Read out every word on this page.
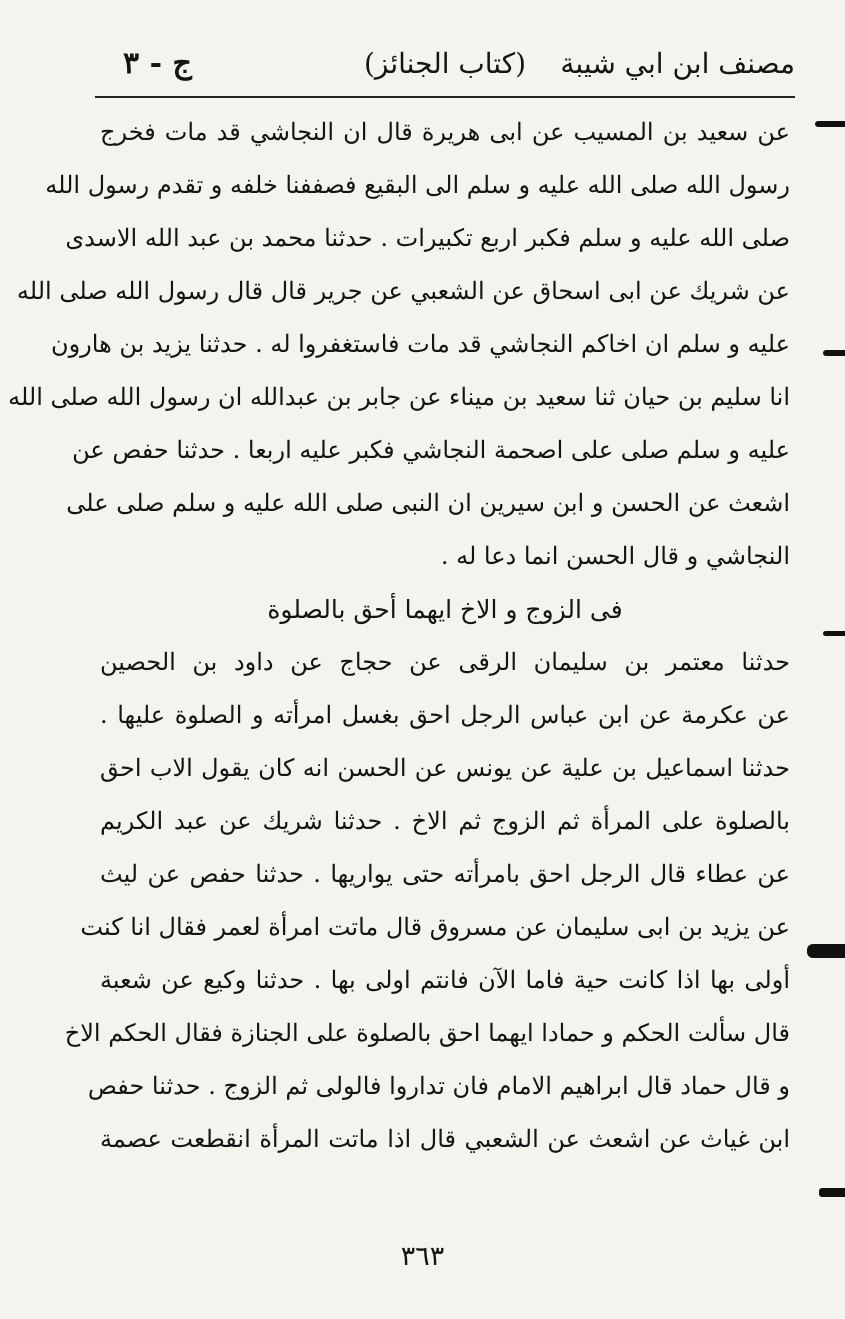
مصنف ابن ابي شيبة
(كتاب الجنائز)
ج - ٣
عن سعيد بن المسيب عن ابى هريرة قال ان النجاشي قد مات فخرج
رسول الله صلى الله عليه و سلم الى البقيع فصففنا خلفه و تقدم رسول الله
صلى الله عليه و سلم فكبر اربع تكبيرات . حدثنا محمد بن عبد الله الاسدى
عن شريك عن ابى اسحاق عن الشعبي عن جرير قال قال رسول الله صلى الله
عليه و سلم ان اخاكم النجاشي قد مات فاستغفروا له . حدثنا يزيد بن هارون
انا سليم بن حيان ثنا سعيد بن ميناء عن جابر بن عبدالله ان رسول الله صلى الله
عليه و سلم صلى على اصحمة النجاشي فكبر عليه اربعا . حدثنا حفص عن
اشعث عن الحسن و ابن سيرين ان النبى صلى الله عليه و سلم صلى على
النجاشي و قال الحسن انما دعا له .
فى الزوج و الاخ ايهما أحق بالصلوة
حدثنا معتمر بن سليمان الرقى عن حجاج عن داود بن الحصين
عن عكرمة عن ابن عباس الرجل احق بغسل امرأته و الصلوة عليها .
حدثنا اسماعيل بن علية عن يونس عن الحسن انه كان يقول الاب احق
بالصلوة على المرأة ثم الزوج ثم الاخ . حدثنا شريك عن عبد الكريم
عن عطاء قال الرجل احق بامرأته حتى يواريها . حدثنا حفص عن ليث
عن يزيد بن ابى سليمان عن مسروق قال ماتت امرأة لعمر فقال انا كنت
أولى بها اذا كانت حية فاما الآن فانتم اولى بها . حدثنا وكيع عن شعبة
قال سألت الحكم و حمادا ايهما احق بالصلوة على الجنازة فقال الحكم الاخ
و قال حماد قال ابراهيم الامام فان تداروا فالولى ثم الزوج . حدثنا حفص
ابن غياث عن اشعث عن الشعبي قال اذا ماتت المرأة انقطعت عصمة
٣٦٣
